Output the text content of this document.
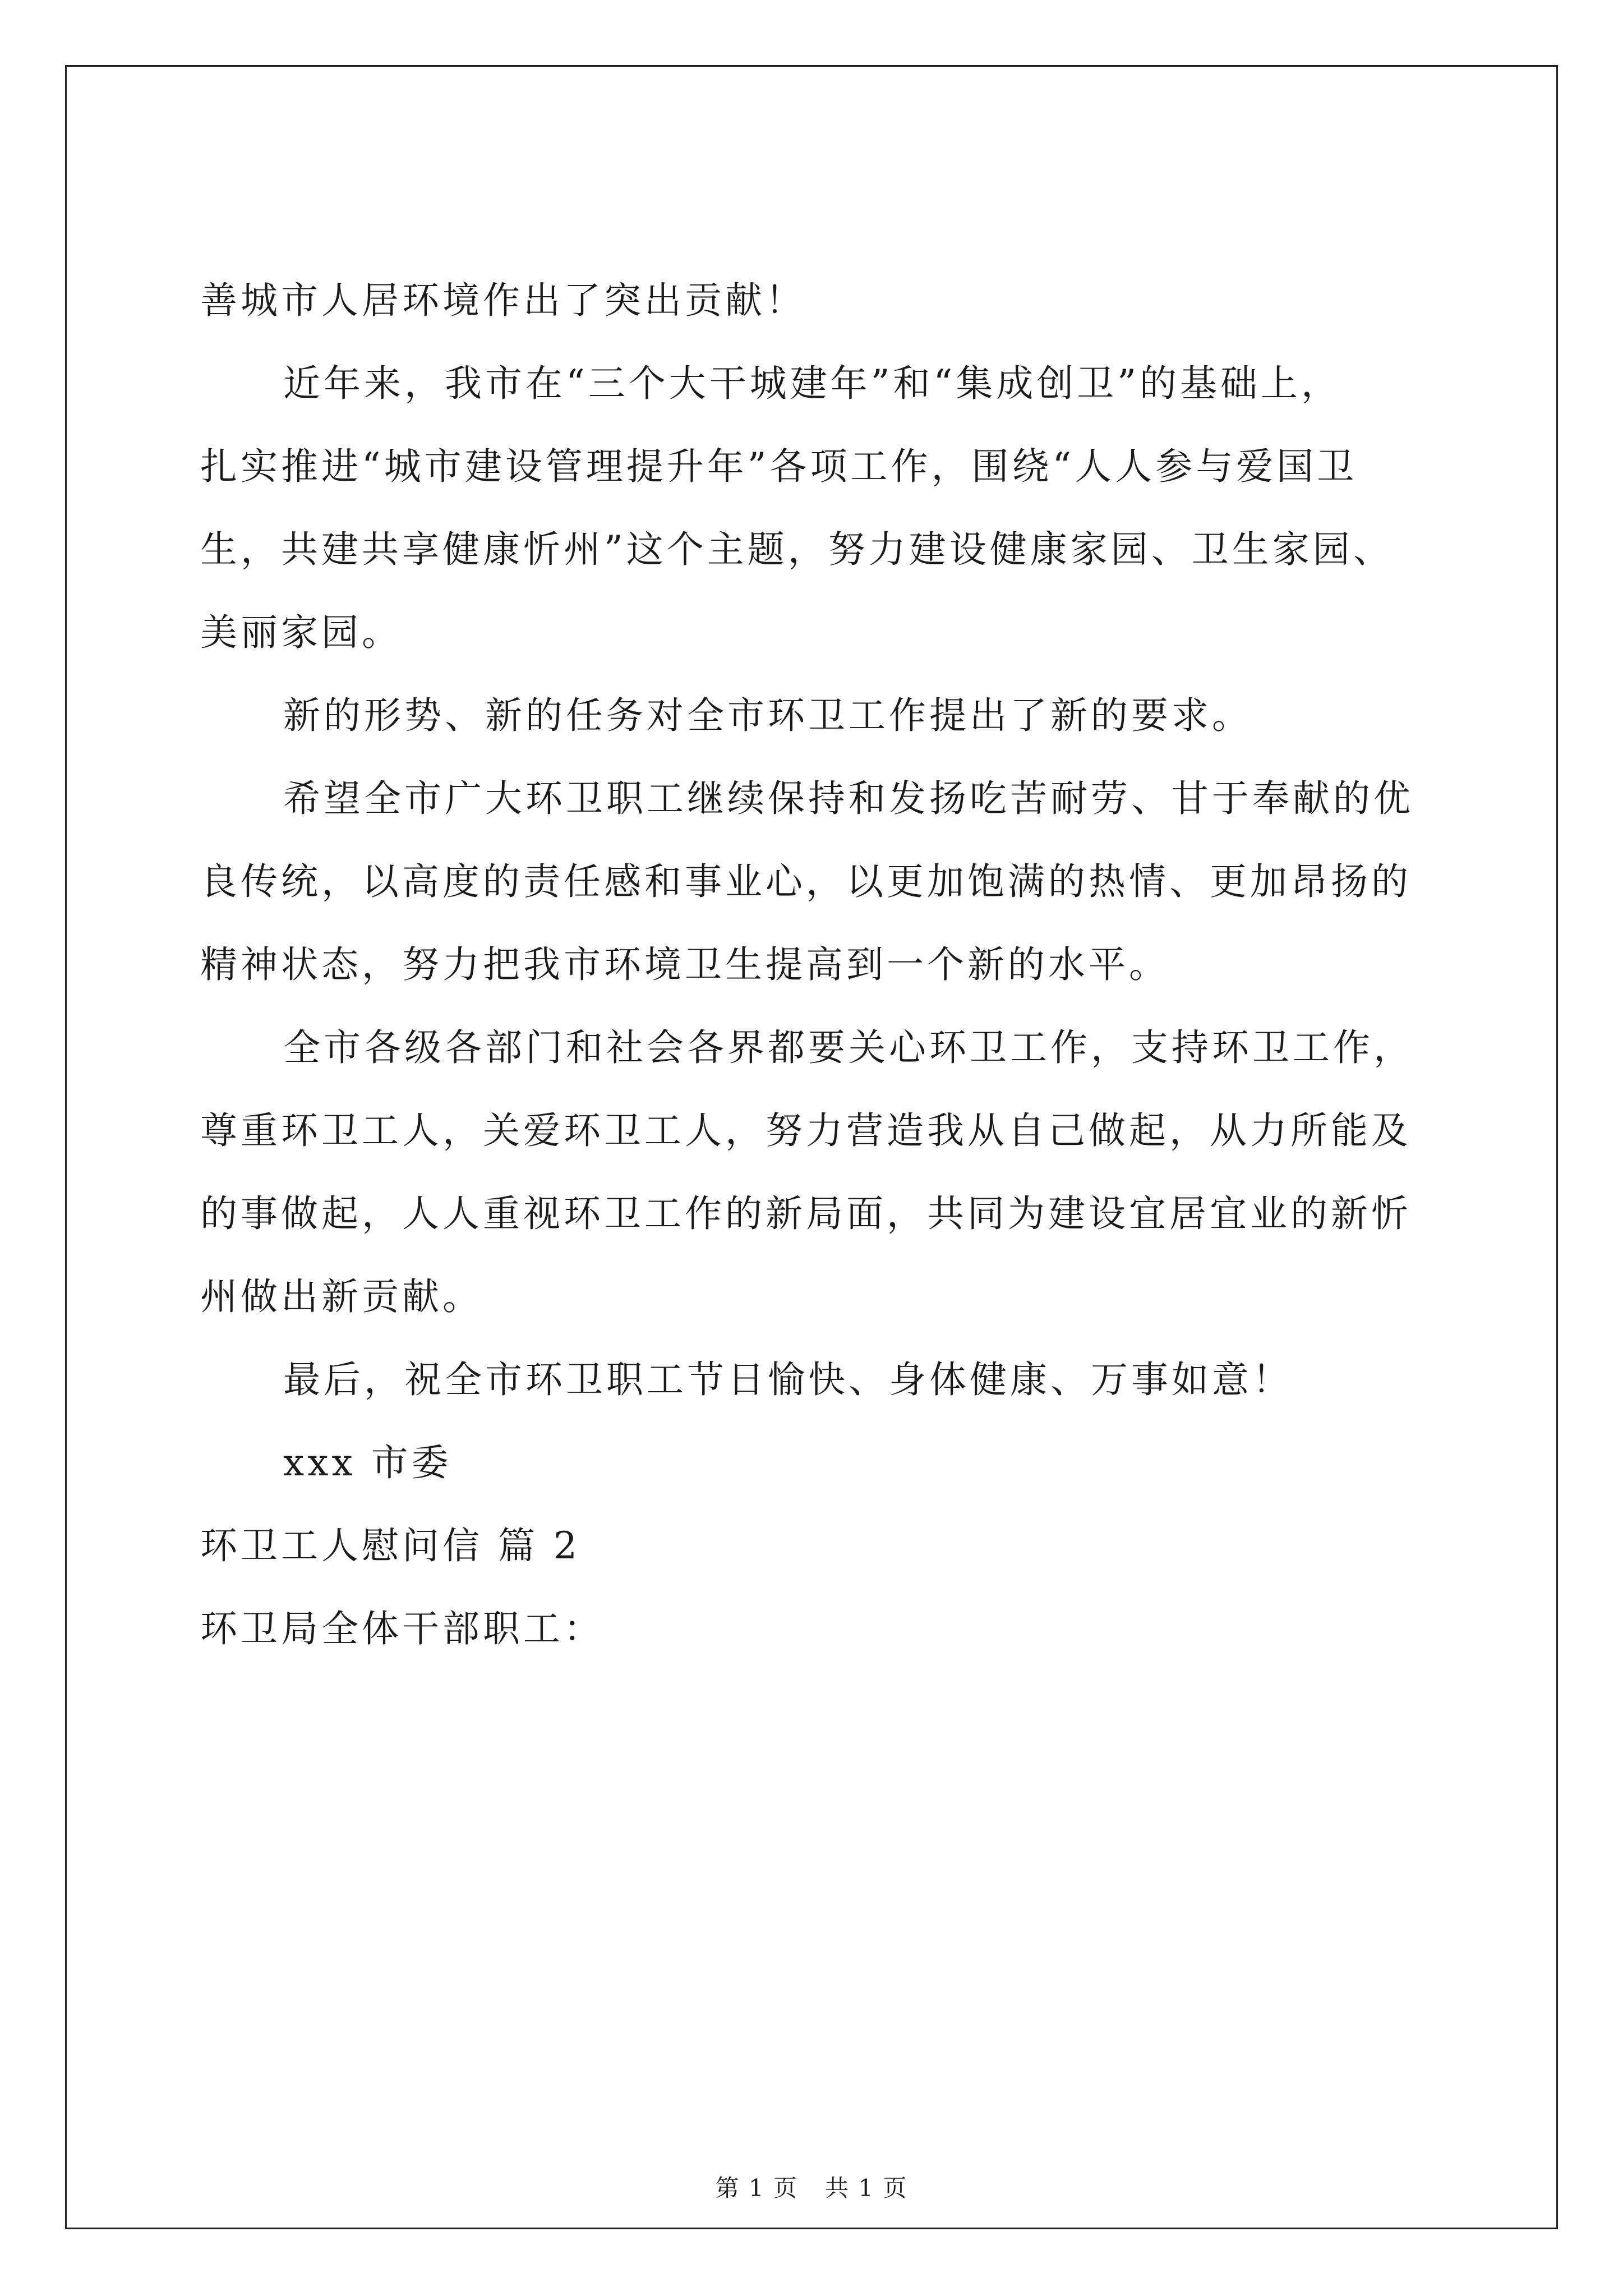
善城市人居环境作出了突出贡献！
近年来，我市在“三个大干城建年”和“集成创卫”的基础上，
扎实推进“城市建设管理提升年”各项工作，围绕“人人参与爱国卫
生，共建共享健康忻州”这个主题，努力建设健康家园、卫生家园、
美丽家园。
新的形势、新的任务对全市环卫工作提出了新的要求。
希望全市广大环卫职工继续保持和发扬吃苦耐劳、甘于奉献的优
良传统，以高度的责任感和事业心，以更加饱满的热情、更加昂扬的
精神状态，努力把我市环境卫生提高到一个新的水平。
全市各级各部门和社会各界都要关心环卫工作，支持环卫工作，
尊重环卫工人，关爱环卫工人，努力营造我从自己做起，从力所能及
的事做起，人人重视环卫工作的新局面，共同为建设宜居宜业的新忻
州做出新贡献。
最后，祝全市环卫职工节日愉快、身体健康、万事如意！
xxx 市委
环卫工人慰问信 篇 2
环卫局全体干部职工：
第 1 页 共 1 页
